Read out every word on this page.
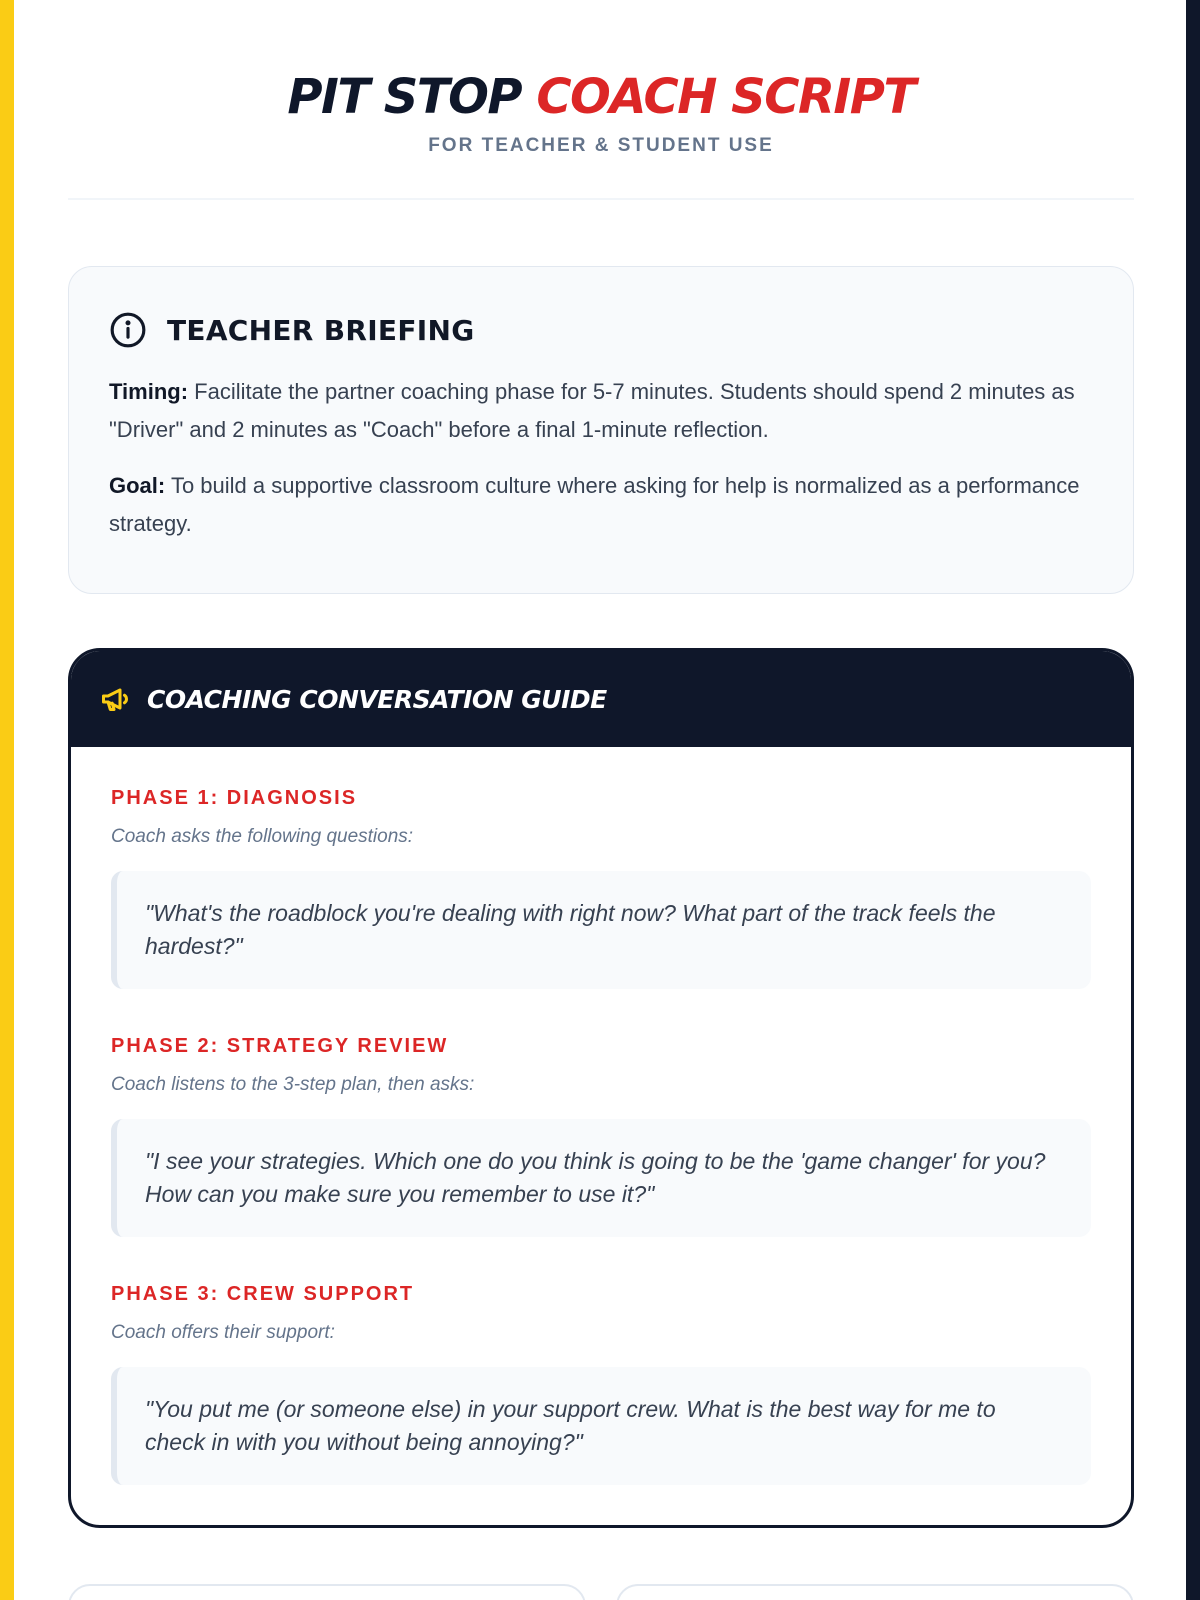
PIT STOP COACH SCRIPT
FOR TEACHER & STUDENT USE
TEACHER BRIEFING

Timing: Facilitate the partner coaching phase for 5-7 minutes. Students should spend 2 minutes as "Driver" and 2 minutes as "Coach" before a final 1-minute reflection.

Goal: To build a supportive classroom culture where asking for help is normalized as a performance strategy.

COACHING CONVERSATION GUIDE
PHASE 1: DIAGNOSIS
Coach asks the following questions:
"What's the roadblock you're dealing with right now? What part of the track feels the hardest?"
PHASE 2: STRATEGY REVIEW
Coach listens to the 3-step plan, then asks:
"I see your strategies. Which one do you think is going to be the 'game changer' for you? How can you make sure you remember to use it?"
PHASE 3: CREW SUPPORT
Coach offers their support:
"You put me (or someone else) in your support crew. What is the best way for me to check in with you without being annoying?"
